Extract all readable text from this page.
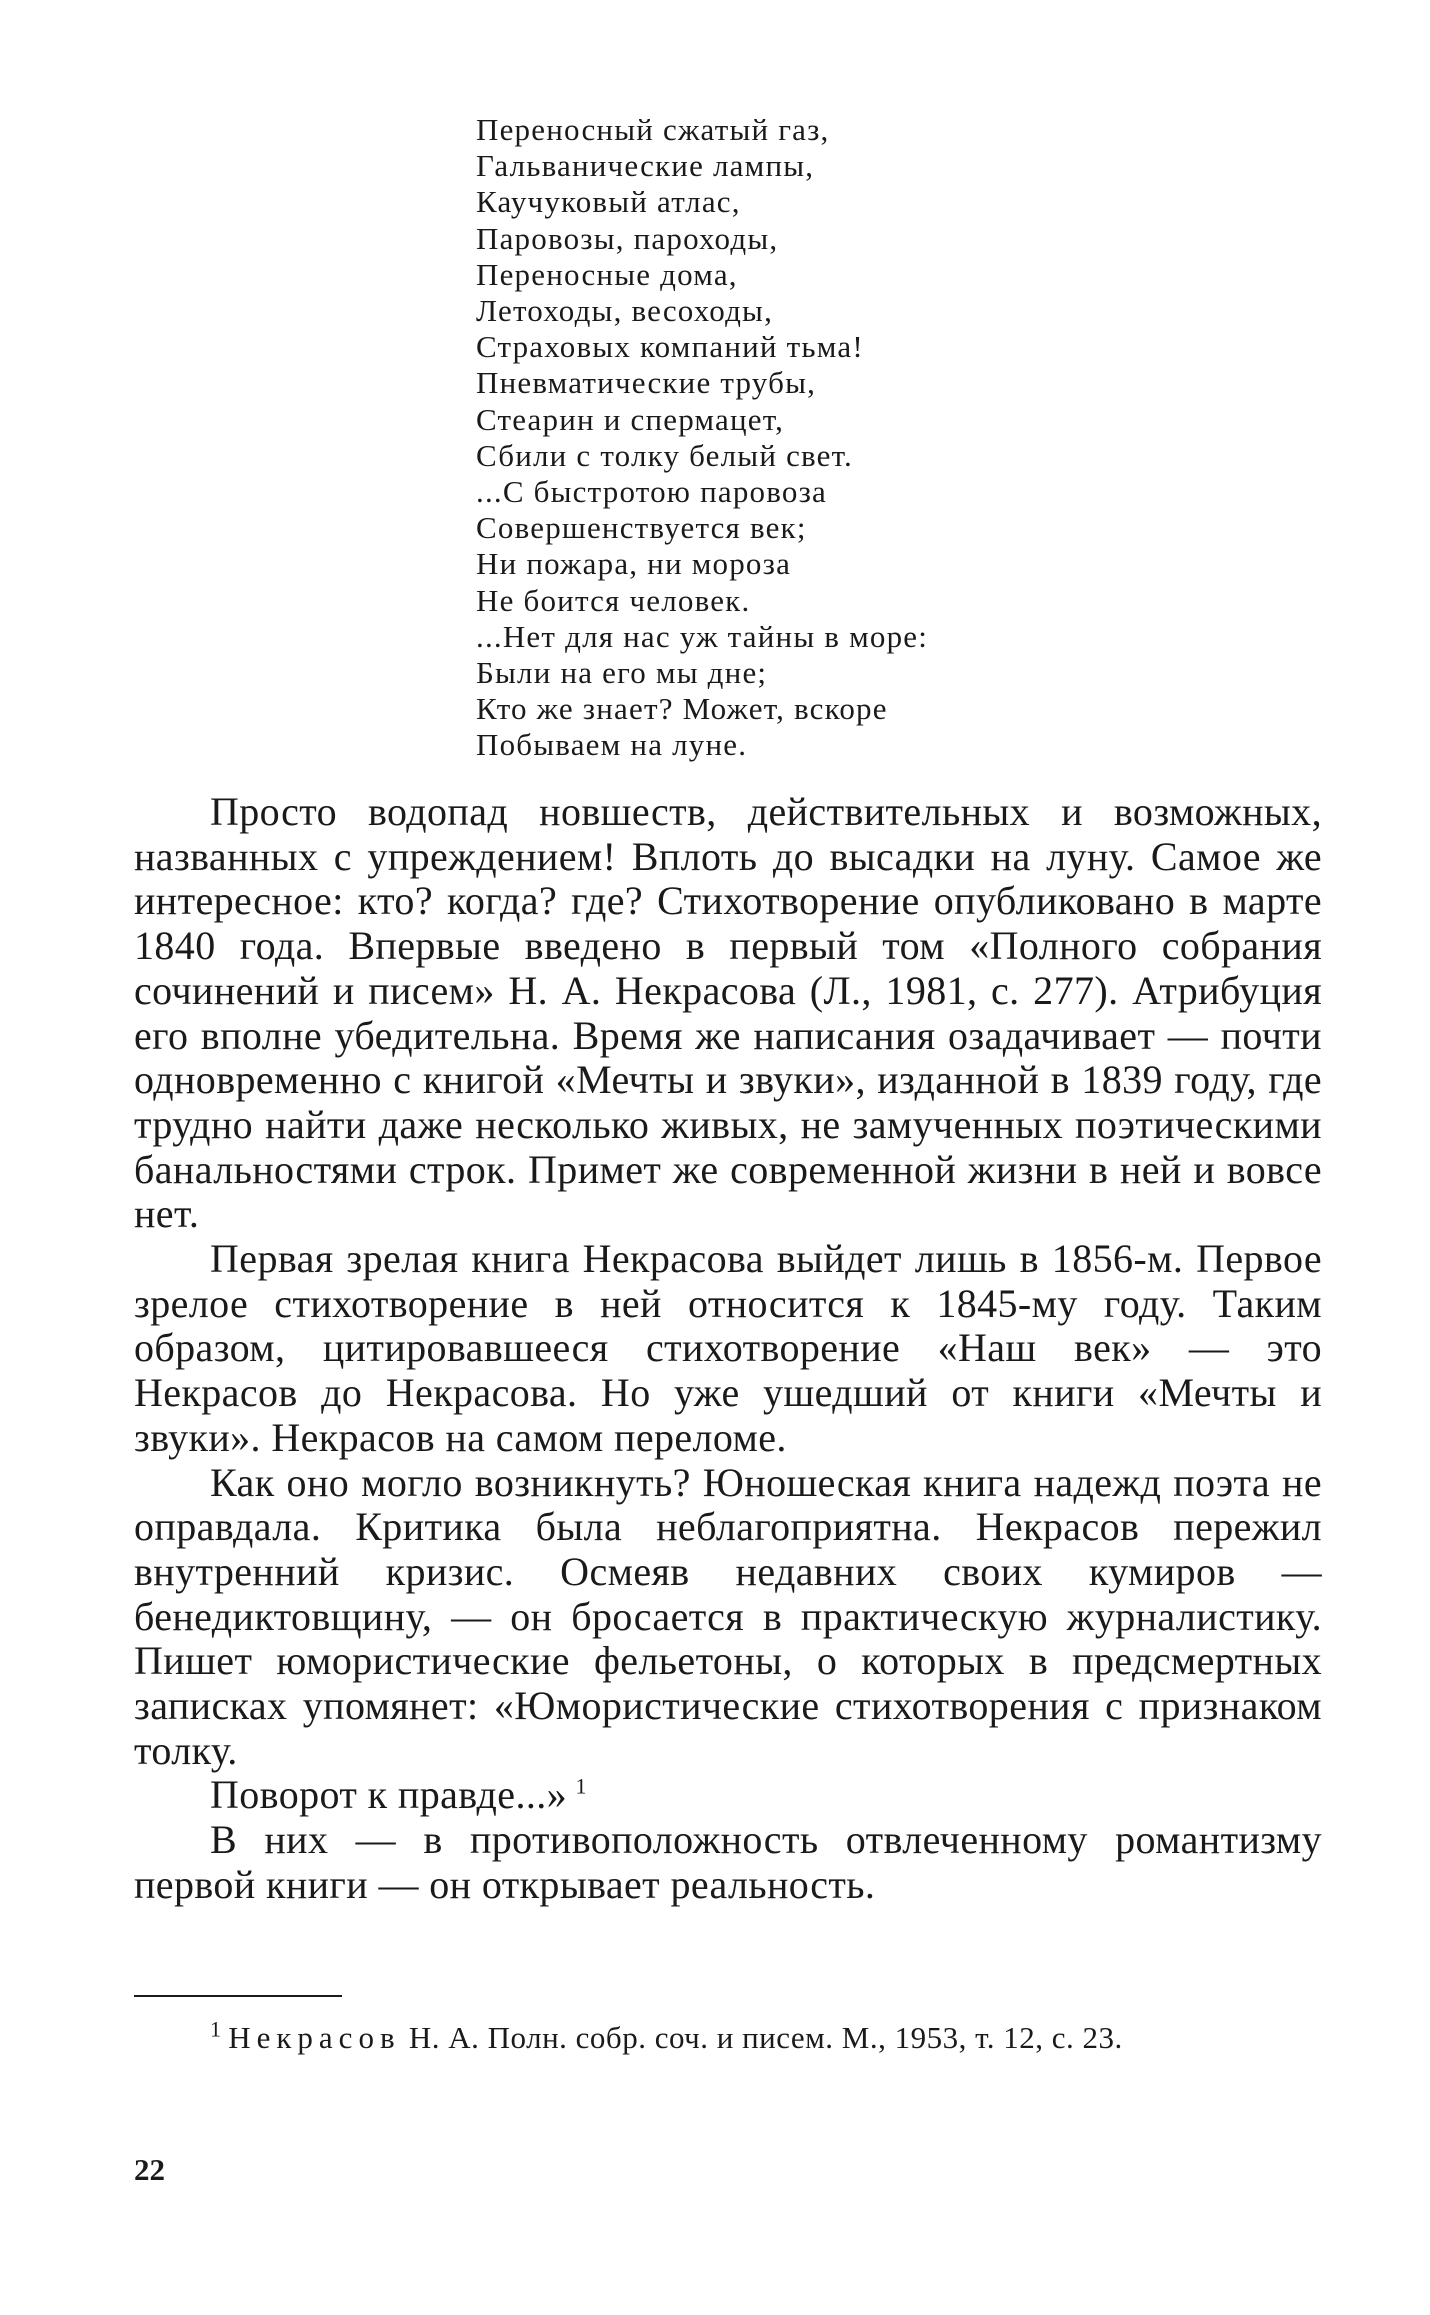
Переносный сжатый газ,
Гальванические лампы,
Каучуковый атлас,
Паровозы, пароходы,
Переносные дома,
Летоходы, весоходы,
Страховых компаний тьма!
Пневматические трубы,
Стеарин и спермацет,
Сбили с толку белый свет.
...С быстротою паровоза
Совершенствуется век;
Ни пожара, ни мороза
Не боится человек.
...Нет для нас уж тайны в море:
Были на его мы дне;
Кто же знает? Может, вскоре
Побываем на луне.

Просто водопад новшеств, действительных и возможных, названных с упреждением! Вплоть до высадки на луну. Самое же интересное: кто? когда? где? Стихотворение опубликовано в марте 1840 года. Впервые введено в первый том «Полного собрания сочинений и писем» Н. А. Некрасова (Л., 1981, с. 277). Атрибуция его вполне убедительна. Время же написания озадачивает — почти одновременно с книгой «Мечты и звуки», изданной в 1839 году, где трудно найти даже несколько живых, не замученных поэтическими банальностями строк. Примет же современной жизни в ней и вовсе нет.

Первая зрелая книга Некрасова выйдет лишь в 1856-м. Первое зрелое стихотворение в ней относится к 1845-му году. Таким образом, цитировавшееся стихотворение «Наш век» — это Некрасов до Некрасова. Но уже ушедший от книги «Мечты и звуки». Некрасов на самом переломе.

Как оно могло возникнуть? Юношеская книга надежд поэта не оправдала. Критика была неблагоприятна. Некрасов пережил внутренний кризис. Осмеяв недавних своих кумиров — бенедиктовщину, — он бросается в практическую журналистику. Пишет юмористические фельетоны, о которых в предсмертных записках упомянет: «Юмористические стихотворения с признаком толку.

Поворот к правде...»  $^1$

В них — в противоположность отвлеченному романтизму первой книги — он открывает реальность.

$^1$  Некрасов Н. А. Полн. собр. соч. и писем. М., 1953, т. 12, с. 23.
22
